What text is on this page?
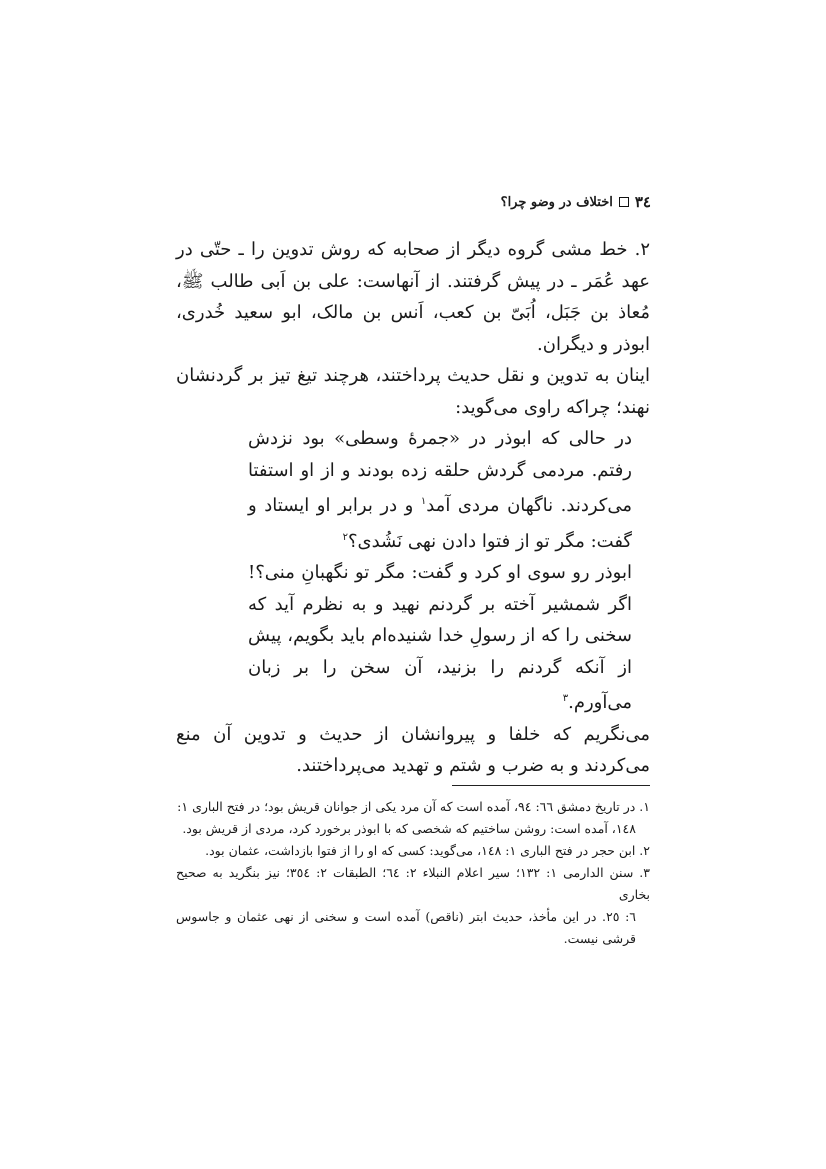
٣٤
اختلاف در وضو چرا؟

٢. خط مشی گروه دیگر از صحابه که روش تدوین را ـ حتّی در عهد عُمَر ـ در پیش گرفتند. از آنهاست: علی بن اَبی طالب ﷺ، مُعاذ بن جَبَل، اُبَیّ بن کعب، اَنس بن مالک، ابو سعید خُدری، ابوذر و دیگران.

اینان به تدوین و نقل حدیث پرداختند، هرچند تیغ تیز بر گردنشان نهند؛ چراکه راوی می‌گوید:

در حالی که ابوذر در «جمرهٔ وسطی» بود نزدش رفتم. مردمی گردش حلقه زده بودند و از او استفتا می‌کردند. ناگهان مردی آمد$^١$ و در برابر او ایستاد و گفت: مگر تو از فتوا دادن نهی نَشُدی؟$^٢$

ابوذر رو سوی او کرد و گفت: مگر تو نگهبانِ منی؟! اگر شمشیر آخته بر گردنم نهید و به نظرم آید که سخنی را که از رسولِ خدا شنیده‌ام باید بگویم، پیش از آنکه گردنم را بزنید، آن سخن را بر زبان می‌آورم.$^٣$

می‌نگریم که خلفا و پیروانشان از حدیث و تدوین آن منع می‌کردند و به ضرب و شتم و تهدید می‌پرداختند.

١. در تاریخ دمشق ٦٦: ٩٤، آمده است که آن مرد یکی از جوانان قریش بود؛ در فتح الباری ١:

١٤٨، آمده است: روشن ساختیم که شخصی که با ابوذر برخورد کرد، مردی از قریش بود.

٢. ابن حجر در فتح الباری ١: ١٤٨، می‌گوید: کسی که او را از فتوا بازداشت، عثمان بود.

٣. سنن الدارمی ١: ١٣٢؛ سیر اعلام النبلاء ٢: ٦٤؛ الطبقات ٢: ٣٥٤؛ نیز بنگرید به صحیح بخاری

٦: ٢٥. در این مأخذ، حدیث ابتر (ناقص) آمده است و سخنی از نهی عثمان و جاسوس قرشی نیست.
